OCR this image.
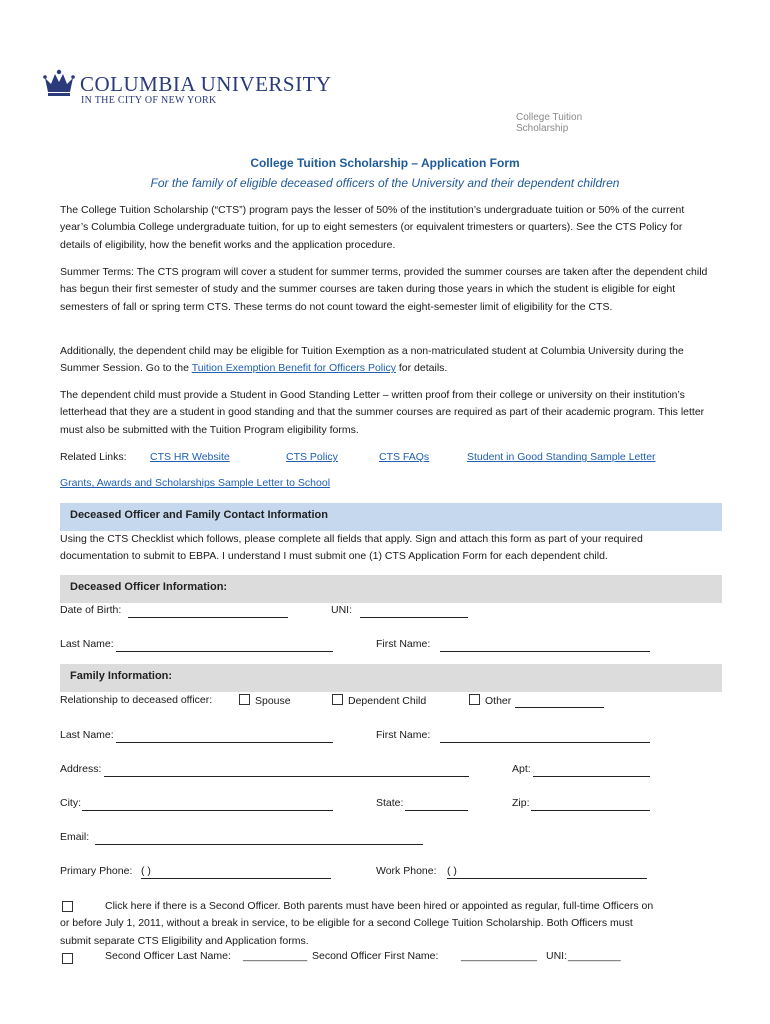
COLUMBIA UNIVERSITY
IN THE CITY OF NEW YORK
College Tuition
Scholarship
College Tuition Scholarship – Application Form
For the family of eligible deceased officers of the University and their dependent children
The College Tuition Scholarship (“CTS”) program pays the lesser of 50% of the institution’s undergraduate tuition or 50% of the current year’s Columbia College undergraduate tuition, for up to eight semesters (or equivalent trimesters or quarters). See the CTS Policy for details of eligibility, how the benefit works and the application procedure.
Summer Terms: The CTS program will cover a student for summer terms, provided the summer courses are taken after the dependent child has begun their first semester of study and the summer courses are taken during those years in which the student is eligible for eight semesters of fall or spring term CTS. These terms do not count toward the eight-semester limit of eligibility for the CTS.
Additionally, the dependent child may be eligible for Tuition Exemption as a non-matriculated student at Columbia University during the Summer Session. Go to the Tuition Exemption Benefit for Officers Policy for details.
The dependent child must provide a Student in Good Standing Letter – written proof from their college or university on their institution’s letterhead that they are a student in good standing and that the summer courses are required as part of their academic program. This letter must also be submitted with the Tuition Program eligibility forms.
Related Links: CTS HR Website	CTS Policy	CTS FAQs	Student in Good Standing Sample Letter
Grants, Awards and Scholarships Sample Letter to School
Deceased Officer and Family Contact Information
Using the CTS Checklist which follows, please complete all fields that apply. Sign and attach this form as part of your required documentation to submit to EBPA. I understand I must submit one (1) CTS Application Form for each dependent child.
Deceased Officer Information:
Date of Birth:	UNI:
Last Name:	First Name:
Family Information:
Relationship to deceased officer:	Spouse	Dependent Child	Other
Last Name:	First Name:
Address:	Apt:
City:	State:	Zip:
Email:
Primary Phone: ( )	Work Phone: ( )
Click here if there is a Second Officer. Both parents must have been hired or appointed as regular, full-time Officers on
or before July 1, 2011, without a break in service, to be eligible for a second College Tuition Scholarship. Both Officers must
submit separate CTS Eligibility and Application forms.
Second Officer Last Name: ___________ Second Officer First Name: _____________ UNI: _________
